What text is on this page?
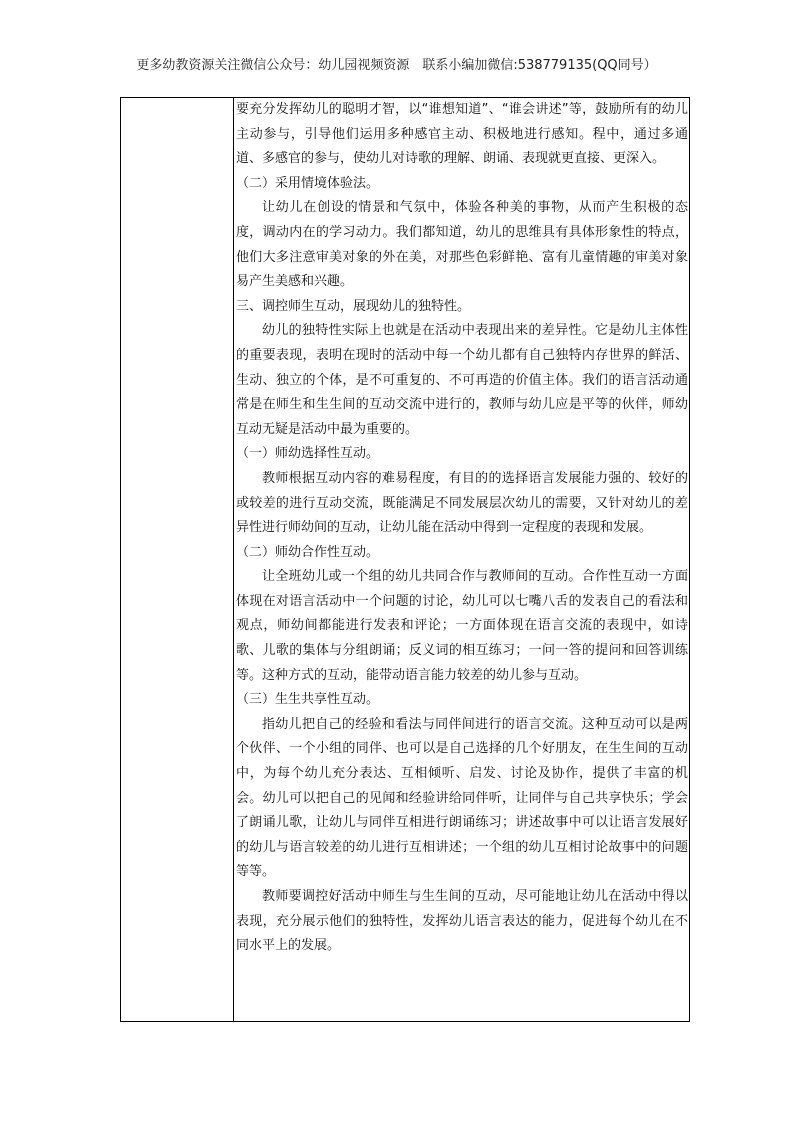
更多幼教资源关注微信公众号：幼儿园视频资源　联系小编加微信:538779135(QQ同号）

要充分发挥幼儿的聪明才智，以“谁想知道”、“谁会讲述”等，鼓励所有的幼儿主动参与，引导他们运用多种感官主动、积极地进行感知。程中，通过多通道、多感官的参与，使幼儿对诗歌的理解、朗诵、表现就更直接、更深入。

（二）采用情境体验法。

让幼儿在创设的情景和气氛中，体验各种美的事物，从而产生积极的态度，调动内在的学习动力。我们都知道，幼儿的思维具有具体形象性的特点，他们大多注意审美对象的外在美，对那些色彩鲜艳、富有儿童情趣的审美对象易产生美感和兴趣。

三、调控师生互动，展现幼儿的独特性。

幼儿的独特性实际上也就是在活动中表现出来的差异性。它是幼儿主体性的重要表现，表明在现时的活动中每一个幼儿都有自己独特内存世界的鲜活、生动、独立的个体，是不可重复的、不可再造的价值主体。我们的语言活动通常是在师生和生生间的互动交流中进行的，教师与幼儿应是平等的伙伴，师幼互动无疑是活动中最为重要的。

（一）师幼选择性互动。

教师根据互动内容的难易程度，有目的的选择语言发展能力强的、较好的或较差的进行互动交流，既能满足不同发展层次幼儿的需要，又针对幼儿的差异性进行师幼间的互动，让幼儿能在活动中得到一定程度的表现和发展。

（二）师幼合作性互动。

让全班幼儿或一个组的幼儿共同合作与教师间的互动。合作性互动一方面体现在对语言活动中一个问题的讨论，幼儿可以七嘴八舌的发表自己的看法和观点，师幼间都能进行发表和评论；一方面体现在语言交流的表现中，如诗歌、儿歌的集体与分组朗诵；反义词的相互练习；一问一答的提问和回答训练等。这种方式的互动，能带动语言能力较差的幼儿参与互动。

（三）生生共享性互动。

指幼儿把自己的经验和看法与同伴间进行的语言交流。这种互动可以是两个伙伴、一个小组的同伴、也可以是自己选择的几个好朋友，在生生间的互动中，为每个幼儿充分表达、互相倾听、启发、讨论及协作，提供了丰富的机会。幼儿可以把自己的见闻和经验讲给同伴听，让同伴与自己共享快乐；学会了朗诵儿歌，让幼儿与同伴互相进行朗诵练习；讲述故事中可以让语言发展好的幼儿与语言较差的幼儿进行互相讲述；一个组的幼儿互相讨论故事中的问题等等。

教师要调控好活动中师生与生生间的互动，尽可能地让幼儿在活动中得以表现，充分展示他们的独特性，发挥幼儿语言表达的能力，促进每个幼儿在不同水平上的发展。
